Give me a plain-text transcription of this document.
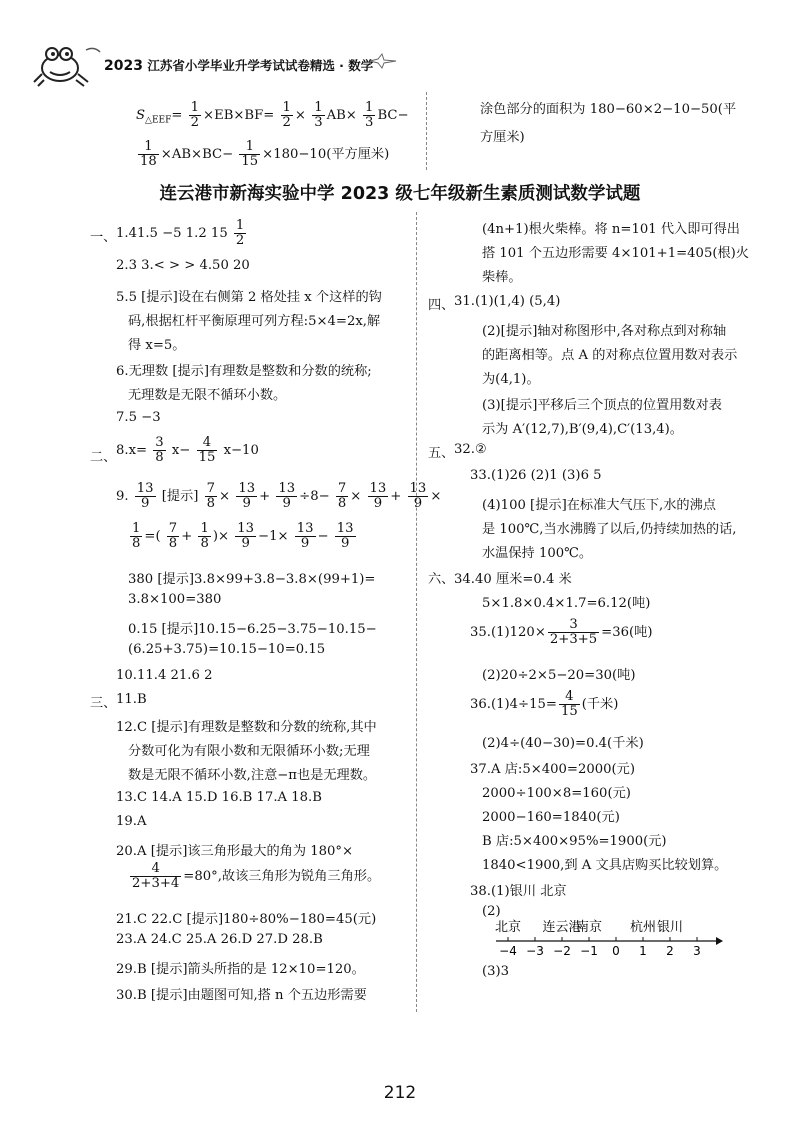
2023 江苏省小学毕业升学考试试卷精选 · 数学
$S_{\triangle EEF}= \frac{1}{2} \times EB\times BF= \frac{1}{2} \times \frac{1}{3} AB\times \frac{1}{3} BC-$
$\frac{1}{18} \times AB\times BC- \frac{1}{15} \times 180-10$(平方厘米)
涂色部分的面积为 180−60×2−10−50(平
方厘米)
连云港市新海实验中学 2023 级七年级新生素质测试数学试题
一、 1.41.5 −5 1.2 $15 \frac{1}{2}$
2.3 3.< > > 4.50 20
5.5 [提示]设在右侧第 2 格处挂 x 个这样的钩
码,根据杠杆平衡原理可列方程:5×4=2x,解
得 x=5。
6.无理数 [提示]有理数是整数和分数的统称;
无理数是无限不循环小数。
7.5 −3
二、 $8.x= \frac{3}{8} x- \frac{4}{15} x-10$
9. $\frac{13}{9}$ [提示] $\frac{7}{8} \times \frac{13}{9} + \frac{13}{9} \div 8- \frac{7}{8} \times \frac{13}{9} + \frac{13}{9}$ ×
$\frac{1}{8}$ =( $\frac{7}{8} + \frac{1}{8}$ )× $\frac{13}{9} -1\times \frac{13}{9} - \frac{13}{9}$
380 [提示]3.8×99+3.8−3.8×(99+1)=
3.8×100=380
0.15 [提示]10.15−6.25−3.75−10.15−
(6.25+3.75)=10.15−10=0.15
10.11.4 21.6 2
三、 11.B
12.C [提示]有理数是整数和分数的统称,其中
分数可化为有限小数和无限循环小数;无理
数是无限不循环小数,注意−π也是无理数。
13.C 14.A 15.D 16.B 17.A 18.B
19.A
20.A [提示]该三角形最大的角为 180°×
$\frac{4}{2+3+4} =80^\circ$,故该三角形为锐角三角形。
21.C 22.C [提示]180÷80%−180=45(元)
23.A 24.C 25.A 26.D 27.D 28.B
29.B [提示]箭头所指的是 12×10=120。
30.B [提示]由题图可知,搭 n 个五边形需要
(4n+1)根火柴棒。将 n=101 代入即可得出
搭 101 个五边形需要 4×101+1=405(根)火
柴棒。
四、 31.(1)(1,4) (5,4)
(2)[提示]轴对称图形中,各对称点到对称轴
的距离相等。点 A 的对称点位置用数对表示
为(4,1)。
(3)[提示]平移后三个顶点的位置用数对表
示为 A′(12,7),B′(9,4),C′(13,4)。
五、 32.②
33.(1)26 (2)1 (3)6 5
(4)100 [提示]在标准大气压下,水的沸点
是 100℃,当水沸腾了以后,仍持续加热的话,
水温保持 100℃。
六、 34.40 厘米=0.4 米
5×1.8×0.4×1.7=6.12(吨)
$35.(1)120\times \frac{3}{2+3+5} =36$(吨)
(2)20÷2×5−20=30(吨)
$36.(1)4\div 15= \frac{4}{15}$ (千米)
(2)4÷(40−30)=0.4(千米)
37.A 店:5×400=2000(元)
2000÷100×8=160(元)
2000−160=1840(元)
B 店:5×400×95%=1900(元)
1840<1900,到 A 文具店购买比较划算。
38.(1)银川 北京
(2)
北京 连云港
南京 杭州 银川
−4 −3 −2 −1 0 1 2 3
(3)3
212
